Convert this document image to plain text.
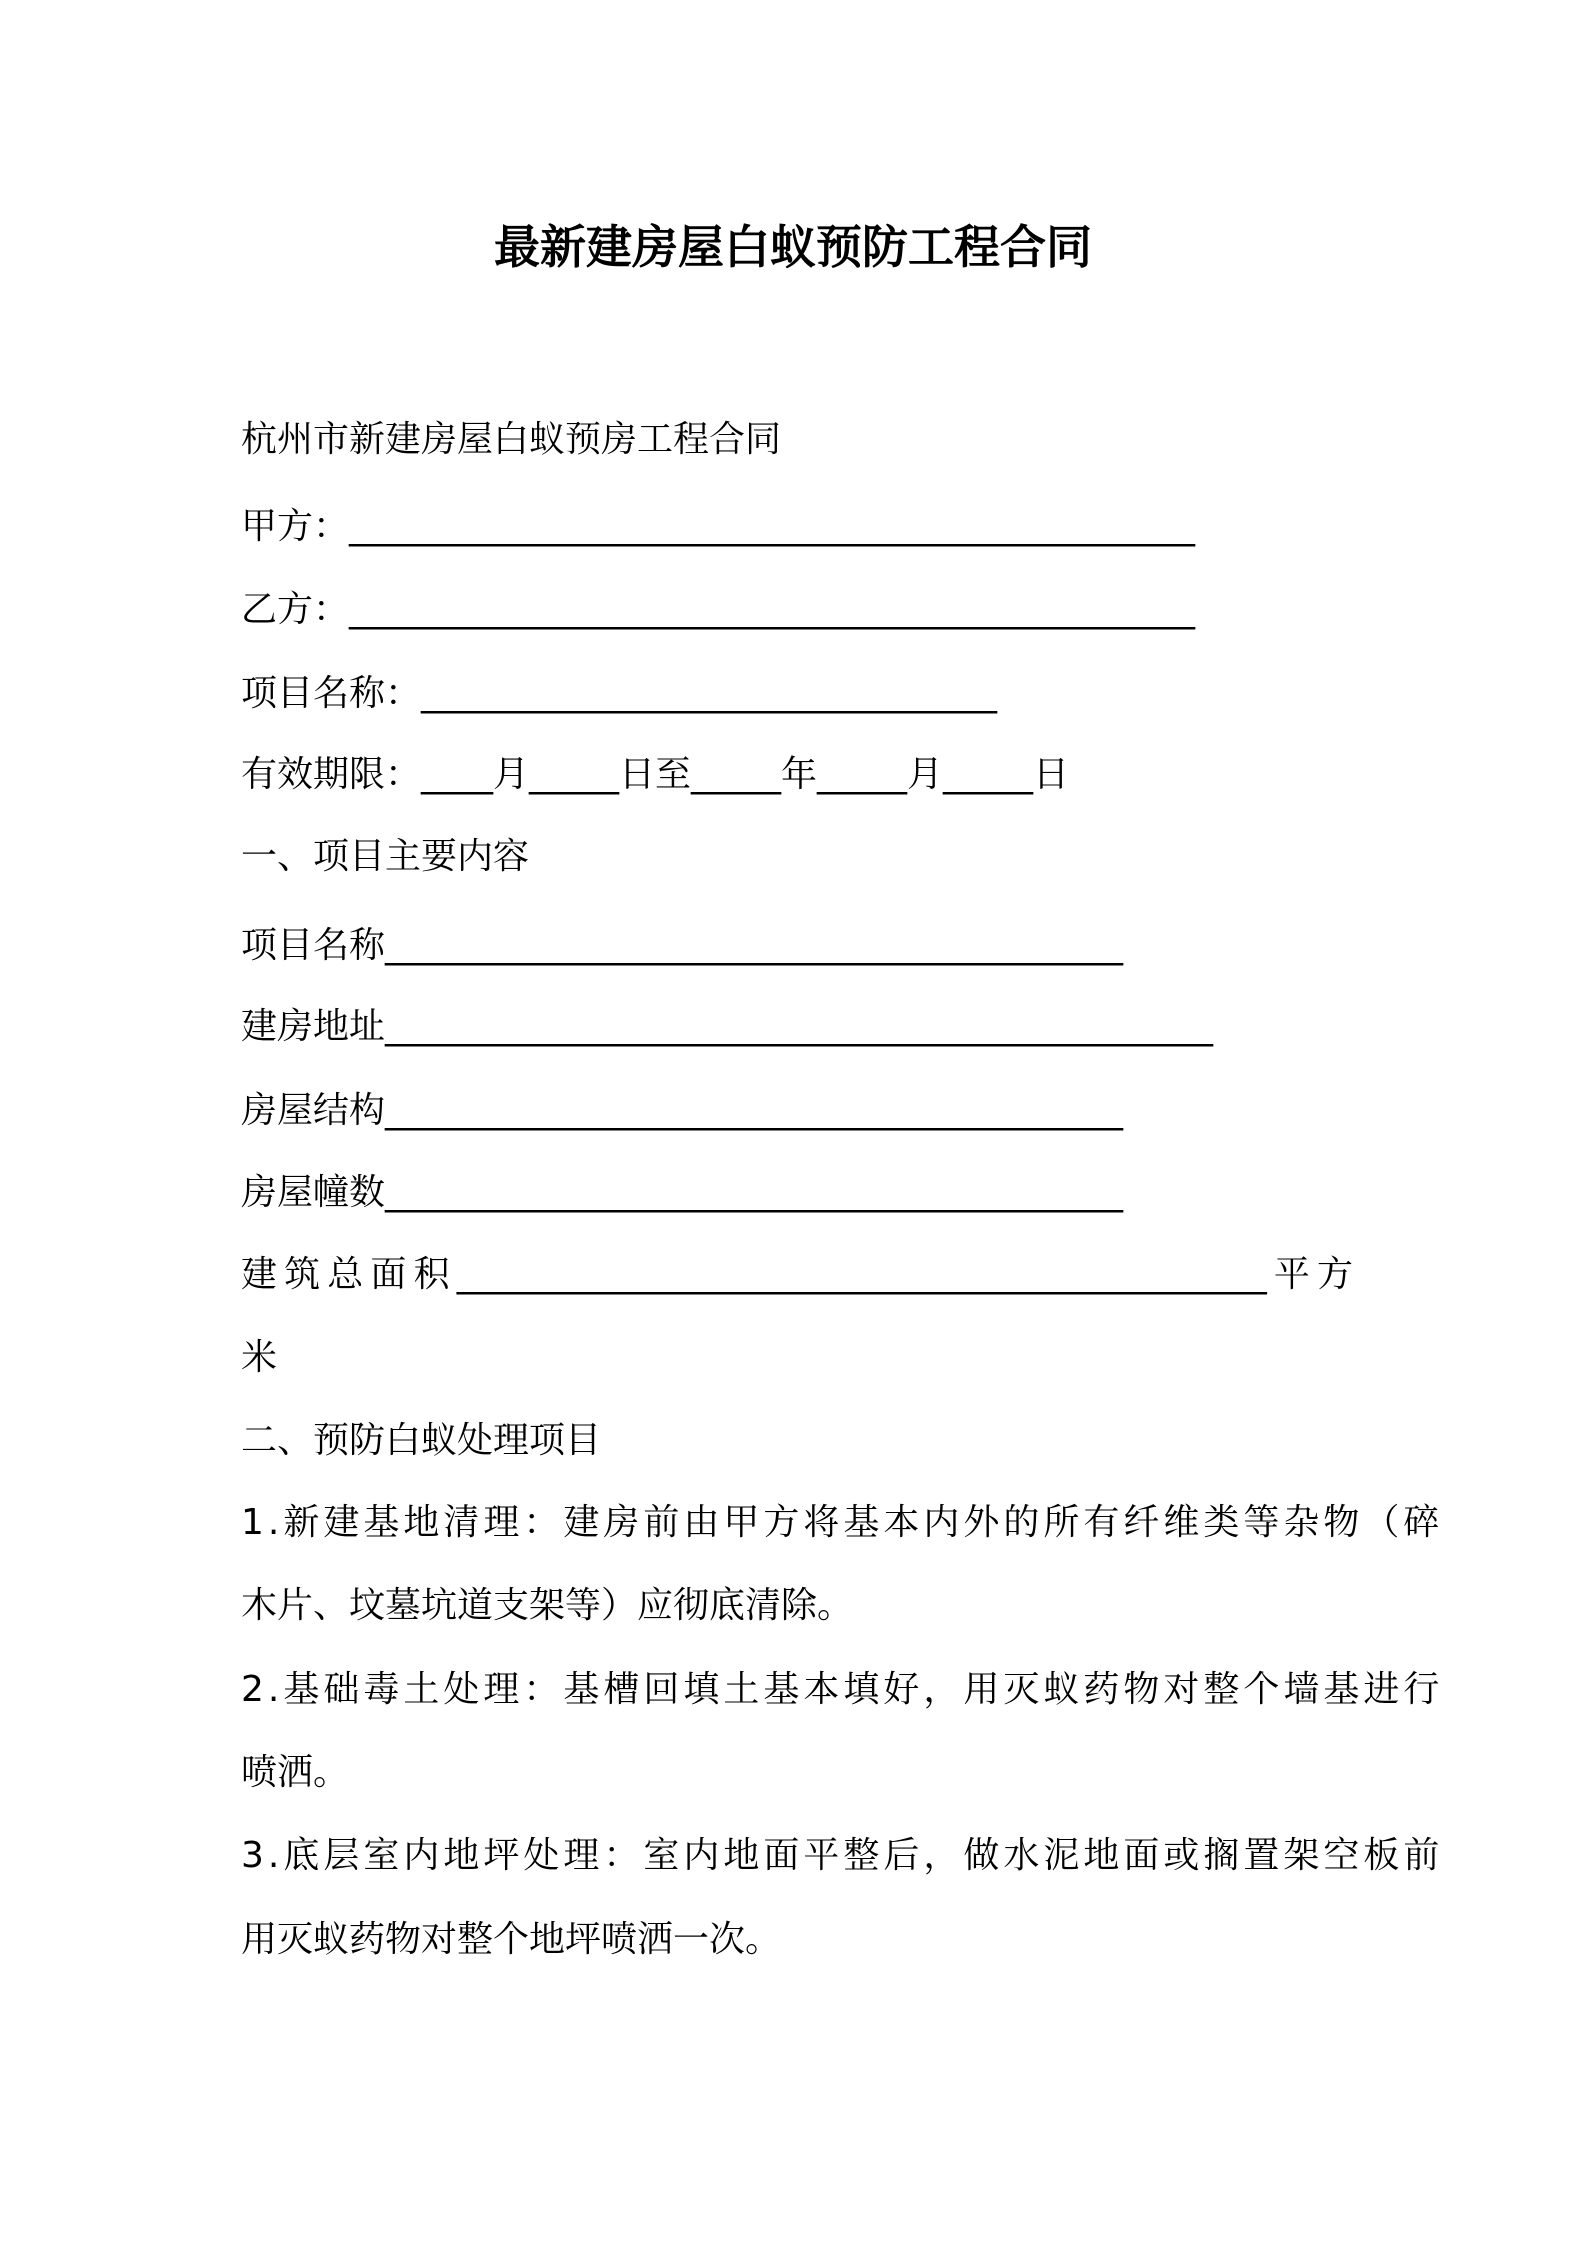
最新建房屋白蚁预防工程合同
杭州市新建房屋白蚁预房工程合同
甲方：_______________________________________________
乙方：_______________________________________________
项目名称：________________________________
有效期限：____月_____日至_____年_____月_____日
一、项目主要内容
项目名称_________________________________________
建房地址______________________________________________
房屋结构_________________________________________
房屋幢数_________________________________________
建 筑 总 面 积 _____________________________________________ 平 方
米
二、预防白蚁处理项目
1.新建基地清理：建房前由甲方将基本内外的所有纤维类等杂物（碎
木片、坟墓坑道支架等）应彻底清除。
2.基础毒土处理：基槽回填土基本填好，用灭蚁药物对整个墙基进行
喷洒。
3.底层室内地坪处理：室内地面平整后，做水泥地面或搁置架空板前
用灭蚁药物对整个地坪喷洒一次。
